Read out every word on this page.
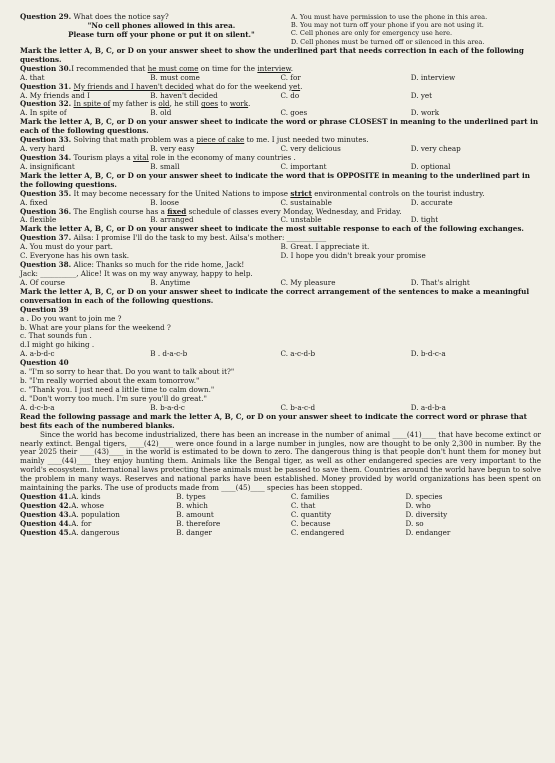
Question 29. What does the notice say?
"No cell phones allowed in this area.
Please turn off your phone or put it on silent."
A. You must have permission to use the phone in this area.
B. You may not turn off your phone if you are not using it.
C. Cell phones are only for emergency use here.
D. Cell phones must be turned off or silenced in this area.
Mark the letter A, B, C, or D on your answer sheet to show the underlined part that needs correction in each of the following questions.
Question 30.I recommended that he must come on time for the interview.
A. that	B. must come	C. for	D. interview
Question 31. My friends and I haven't decided what do for the weekend yet.
A. My friends and I	B. haven't decided	C. do	D. yet
Question 32. In spite of my father is old, he still goes to work.
A. In spite of	B. old	C. goes	D. work
Mark the letter A, B, C, or D on your answer sheet to indicate the word or phrase CLOSEST in meaning to the underlined part in each of the following questions.
Question 33. Solving that math problem was a piece of cake to me. I just needed two minutes.
A. very hard	B. very easy	C. very delicious	D. very cheap
Question 34. Tourism plays a vital role in the economy of many countries .
A. insignificant	B. small	C. important	D. optional
Mark the letter A, B, C, or D on your answer sheet to indicate the word that is OPPOSITE in meaning to the underlined part in the following questions.
Question 35. It may become necessary for the United Nations to impose strict environmental controls on the tourist industry.
A. fixed	B. loose	C. sustainable	D. accurate
Question 36. The English course has a fixed schedule of classes every Monday, Wednesday, and Friday.
A. flexible	B. arranged	C. unstable	D. tight
Mark the letter A, B, C, or D on your answer sheet to indicate the most suitable response to each of the following exchanges.
Question 37. Ailsa: I promise I'll do the task to my best. Ailsa's mother: ___________
A. You must do your part.	B. Great. I appreciate it.
C. Everyone has his own task.	D. I hope you didn't break your promise
Question 38. Alice: Thanks so much for the ride home, Jack!
Jack: __________, Alice! It was on my way anyway, happy to help.
A. Of course	B. Anytime	C. My pleasure	D. That's alright
Mark the letter A, B, C, or D on your answer sheet to indicate the correct arrangement of the sentences to make a meaningful conversation in each of the following questions.
Question 39
a . Do you want to join me ?
b. What are your plans for the weekend ?
c. That sounds fun .
d.I might go hiking .
A. a-b-d-c	B . d-a-c-b	C. a-c-d-b	D. b-d-c-a
Question 40
a. "I'm so sorry to hear that. Do you want to talk about it?"
b. "I'm really worried about the exam tomorrow."
c. "Thank you. I just need a little time to calm down."
d. "Don't worry too much. I'm sure you'll do great."
A. d-c-b-a	B. b-a-d-c	C. b-a-c-d	D. a-d-b-a
Read the following passage and mark the letter A, B, C, or D on your answer sheet to indicate the correct word or phrase that best fits each of the numbered blanks.
Since the world has become industrialized, there has been an increase in the number of animal ____(41)____ that have become extinct or nearly extinct. Bengal tigers, ____(42)____ were once found in a large number in jungles, now are thought to be only 2,300 in number. By the year 2025 their ____(43)____ in the world is estimated to be down to zero. The dangerous thing is that people don't hunt them for money but mainly ____(44)____ they enjoy hunting them. Animals like the Bengal tiger, as well as other endangered species are very important to the world's ecosystem. International laws protecting these animals must be passed to save them. Countries around the world have begun to solve the problem in many ways. Reserves and national parks have been established. Money provided by world organizations has been spent on maintaining the parks. The use of products made from ____(45)____ species has been stopped.
Question 41.A. kinds	B. types	C. families	D. species
Question 42.A. whose	B. which	C. that	D. who
Question 43.A. population	B. amount	C. quantity	D. diversity
Question 44.A. for	B. therefore	C. because	D. so
Question 45.A. dangerous	B. danger	C. endangered	D. endanger
